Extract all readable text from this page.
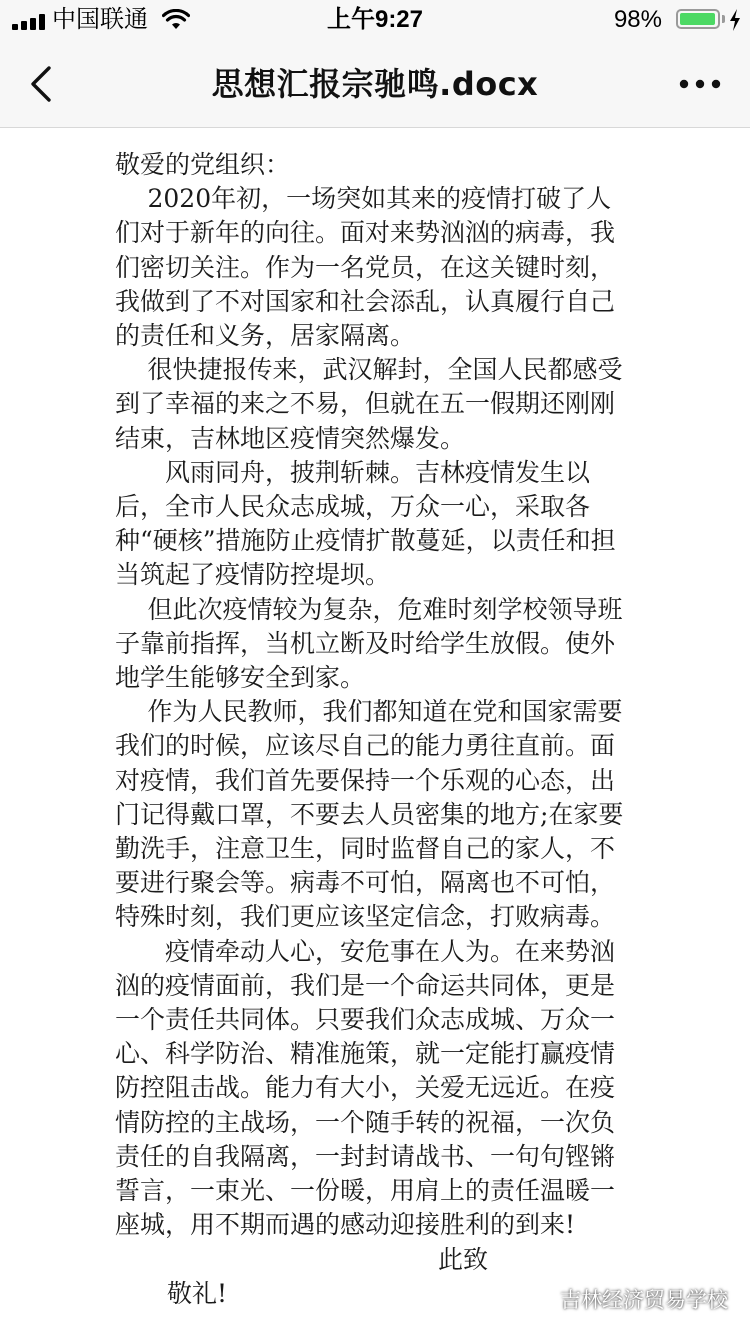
中国联通	上午9:27	98%
思想汇报宗驰鸣.docx

敬爱的党组织：

2020年初，一场突如其来的疫情打破了人们对于新年的向往。面对来势汹汹的病毒，我们密切关注。作为一名党员，在这关键时刻，我做到了不对国家和社会添乱，认真履行自己的责任和义务，居家隔离。

很快捷报传来，武汉解封，全国人民都感受到了幸福的来之不易，但就在五一假期还刚刚结束，吉林地区疫情突然爆发。

风雨同舟，披荆斩棘。吉林疫情发生以后，全市人民众志成城，万众一心，采取各种“硬核”措施防止疫情扩散蔓延，以责任和担当筑起了疫情防控堤坝。

但此次疫情较为复杂，危难时刻学校领导班子靠前指挥，当机立断及时给学生放假。使外地学生能够安全到家。

作为人民教师，我们都知道在党和国家需要我们的时候，应该尽自己的能力勇往直前。面对疫情，我们首先要保持一个乐观的心态，出门记得戴口罩，不要去人员密集的地方;在家要勤洗手，注意卫生，同时监督自己的家人，不要进行聚会等。病毒不可怕，隔离也不可怕，特殊时刻，我们更应该坚定信念，打败病毒。

疫情牵动人心，安危事在人为。在来势汹汹的疫情面前，我们是一个命运共同体，更是一个责任共同体。只要我们众志成城、万众一心、科学防治、精准施策，就一定能打赢疫情防控阻击战。能力有大小，关爱无远近。在疫情防控的主战场，一个随手转的祝福，一次负责任的自我隔离，一封封请战书、一句句铿锵誓言，一束光、一份暖，用肩上的责任温暖一座城，用不期而遇的感动迎接胜利的到来!

此致

敬礼!	吉林经济贸易学校
